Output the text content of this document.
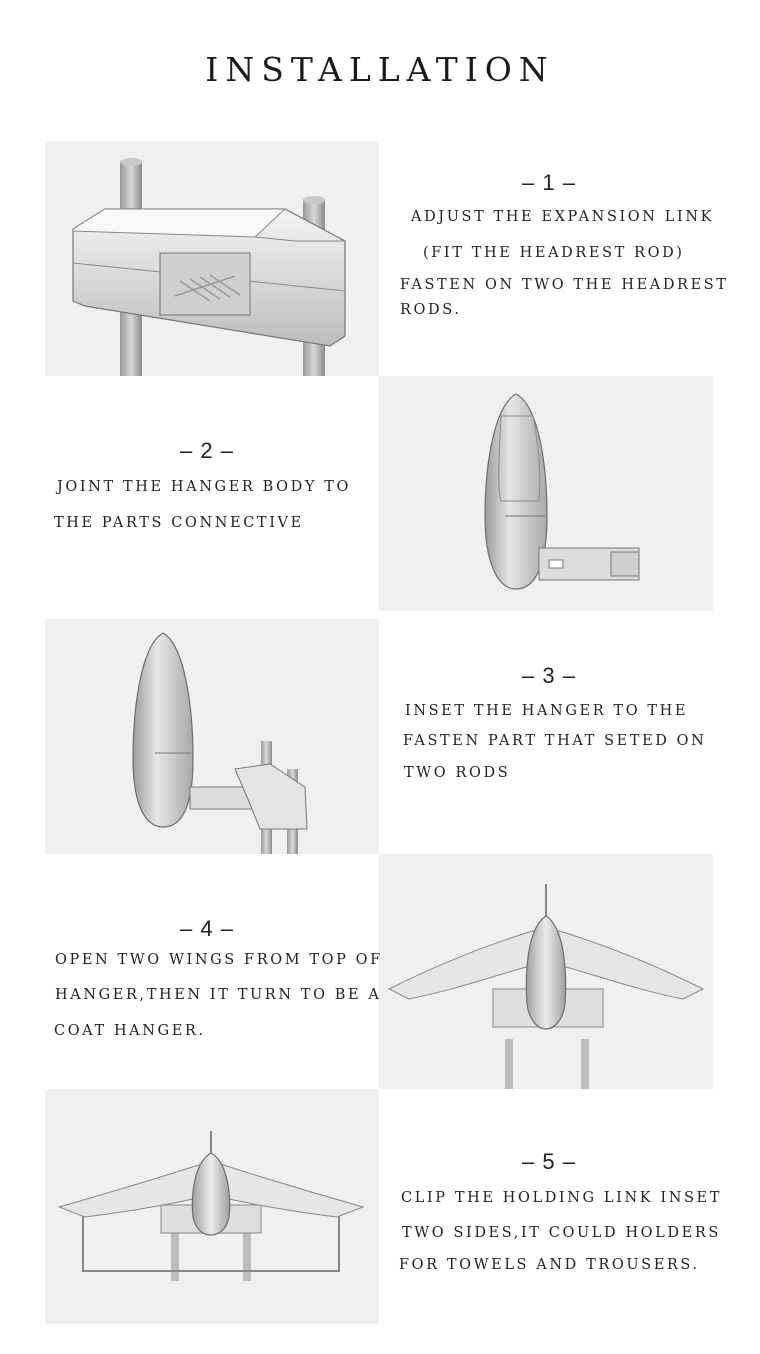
INSTALLATION
– 1 –
ADJUST THE EXPANSION LINK
(FIT THE HEADREST ROD)
FASTEN ON TWO THE HEADREST
RODS.
– 2 –
JOINT THE HANGER BODY TO
THE PARTS CONNECTIVE
– 3 –
INSET THE HANGER TO THE
FASTEN PART THAT SETED ON
TWO RODS
– 4 –
OPEN TWO WINGS FROM TOP OF
HANGER,THEN IT TURN TO BE A
COAT HANGER.
– 5 –
CLIP THE HOLDING LINK INSET
TWO SIDES,IT COULD HOLDERS
FOR TOWELS AND TROUSERS.
